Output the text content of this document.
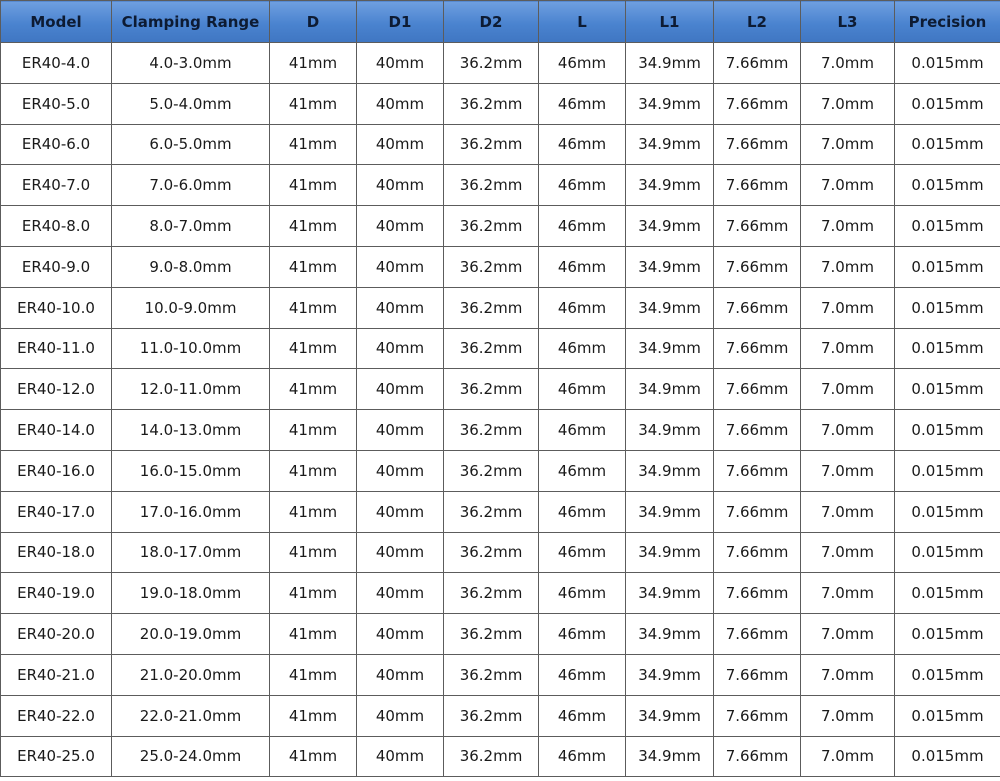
Model	Clamping Range	D	D1	D2	L	L1	L2	L3	Precision
ER40-4.0	4.0-3.0mm	41mm	40mm	36.2mm	46mm	34.9mm	7.66mm	7.0mm	0.015mm
ER40-5.0	5.0-4.0mm	41mm	40mm	36.2mm	46mm	34.9mm	7.66mm	7.0mm	0.015mm
ER40-6.0	6.0-5.0mm	41mm	40mm	36.2mm	46mm	34.9mm	7.66mm	7.0mm	0.015mm
ER40-7.0	7.0-6.0mm	41mm	40mm	36.2mm	46mm	34.9mm	7.66mm	7.0mm	0.015mm
ER40-8.0	8.0-7.0mm	41mm	40mm	36.2mm	46mm	34.9mm	7.66mm	7.0mm	0.015mm
ER40-9.0	9.0-8.0mm	41mm	40mm	36.2mm	46mm	34.9mm	7.66mm	7.0mm	0.015mm
ER40-10.0	10.0-9.0mm	41mm	40mm	36.2mm	46mm	34.9mm	7.66mm	7.0mm	0.015mm
ER40-11.0	11.0-10.0mm	41mm	40mm	36.2mm	46mm	34.9mm	7.66mm	7.0mm	0.015mm
ER40-12.0	12.0-11.0mm	41mm	40mm	36.2mm	46mm	34.9mm	7.66mm	7.0mm	0.015mm
ER40-14.0	14.0-13.0mm	41mm	40mm	36.2mm	46mm	34.9mm	7.66mm	7.0mm	0.015mm
ER40-16.0	16.0-15.0mm	41mm	40mm	36.2mm	46mm	34.9mm	7.66mm	7.0mm	0.015mm
ER40-17.0	17.0-16.0mm	41mm	40mm	36.2mm	46mm	34.9mm	7.66mm	7.0mm	0.015mm
ER40-18.0	18.0-17.0mm	41mm	40mm	36.2mm	46mm	34.9mm	7.66mm	7.0mm	0.015mm
ER40-19.0	19.0-18.0mm	41mm	40mm	36.2mm	46mm	34.9mm	7.66mm	7.0mm	0.015mm
ER40-20.0	20.0-19.0mm	41mm	40mm	36.2mm	46mm	34.9mm	7.66mm	7.0mm	0.015mm
ER40-21.0	21.0-20.0mm	41mm	40mm	36.2mm	46mm	34.9mm	7.66mm	7.0mm	0.015mm
ER40-22.0	22.0-21.0mm	41mm	40mm	36.2mm	46mm	34.9mm	7.66mm	7.0mm	0.015mm
ER40-25.0	25.0-24.0mm	41mm	40mm	36.2mm	46mm	34.9mm	7.66mm	7.0mm	0.015mm
